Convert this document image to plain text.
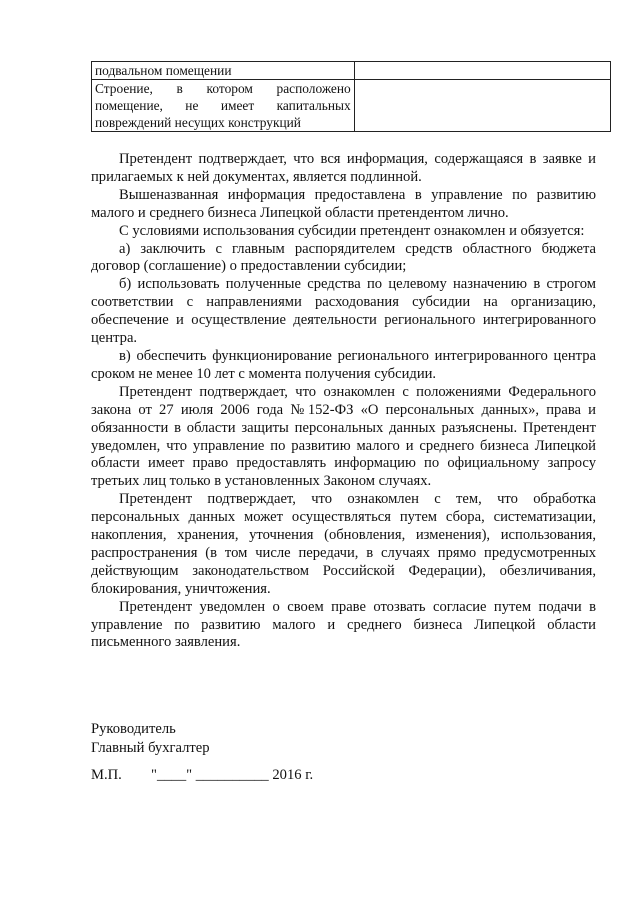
подвальном помещении	
Строение, в котором расположено помещение, не имеет капитальных повреждений несущих конструкций	

Претендент подтверждает, что вся информация, содержащаяся в заявке и прилагаемых к ней документах, является подлинной.

Вышеназванная информация предоставлена в управление по развитию малого и среднего бизнеса Липецкой области претендентом лично.

С условиями использования субсидии претендент ознакомлен и обязуется:

а) заключить с главным распорядителем средств областного бюджета договор (соглашение) о предоставлении субсидии;

б) использовать полученные средства по целевому назначению в строгом соответствии с направлениями расходования субсидии на организацию, обеспечение и осуществление деятельности регионального интегрированного центра.

в) обеспечить функционирование регионального интегрированного центра сроком не менее 10 лет с момента получения субсидии.

Претендент подтверждает, что ознакомлен с положениями Федерального закона от 27 июля 2006 года №152-ФЗ «О персональных данных», права и обязанности в области защиты персональных данных разъяснены. Претендент уведомлен, что управление по развитию малого и среднего бизнеса Липецкой области имеет право предоставлять информацию по официальному запросу третьих лиц только в установленных Законом случаях.

Претендент подтверждает, что ознакомлен с тем, что обработка персональных данных может осуществляться путем сбора, систематизации, накопления, хранения, уточнения (обновления, изменения), использования, распространения (в том числе передачи, в случаях прямо предусмотренных действующим законодательством Российской Федерации), обезличивания, блокирования, уничтожения.

Претендент уведомлен о своем праве отозвать согласие путем подачи в управление по развитию малого и среднего бизнеса Липецкой области письменного заявления.

Руководитель
Главный бухгалтер
М.П.        "____" __________ 2016 г.
